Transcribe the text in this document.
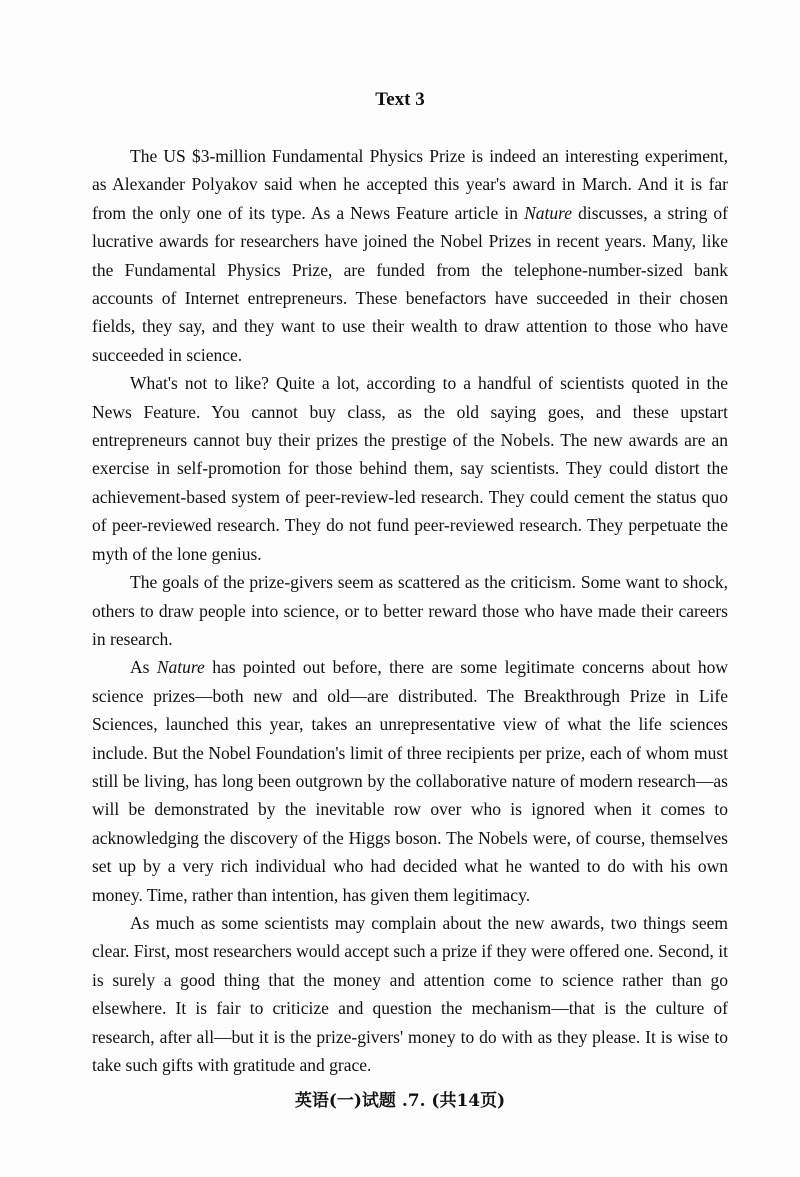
Text 3

The US $3-million Fundamental Physics Prize is indeed an interesting experiment, as Alexander Polyakov said when he accepted this year's award in March. And it is far from the only one of its type. As a News Feature article in Nature discusses, a string of lucrative awards for researchers have joined the Nobel Prizes in recent years. Many, like the Fundamental Physics Prize, are funded from the telephone-number-sized bank accounts of Internet entrepreneurs. These benefactors have succeeded in their chosen fields, they say, and they want to use their wealth to draw attention to those who have succeeded in science.

What's not to like? Quite a lot, according to a handful of scientists quoted in the News Feature. You cannot buy class, as the old saying goes, and these upstart entrepreneurs cannot buy their prizes the prestige of the Nobels. The new awards are an exercise in self-promotion for those behind them, say scientists. They could distort the achievement-based system of peer-review-led research. They could cement the status quo of peer-reviewed research. They do not fund peer-reviewed research. They perpetuate the myth of the lone genius.

The goals of the prize-givers seem as scattered as the criticism. Some want to shock, others to draw people into science, or to better reward those who have made their careers in research.

As Nature has pointed out before, there are some legitimate concerns about how science prizes—both new and old—are distributed. The Breakthrough Prize in Life Sciences, launched this year, takes an unrepresentative view of what the life sciences include. But the Nobel Foundation's limit of three recipients per prize, each of whom must still be living, has long been outgrown by the collaborative nature of modern research—as will be demonstrated by the inevitable row over who is ignored when it comes to acknowledging the discovery of the Higgs boson. The Nobels were, of course, themselves set up by a very rich individual who had decided what he wanted to do with his own money. Time, rather than intention, has given them legitimacy.

As much as some scientists may complain about the new awards, two things seem clear. First, most researchers would accept such a prize if they were offered one. Second, it is surely a good thing that the money and attention come to science rather than go elsewhere. It is fair to criticize and question the mechanism—that is the culture of research, after all—but it is the prize-givers' money to do with as they please. It is wise to take such gifts with gratitude and grace.

英语(一)试题 .7. (共14页)
